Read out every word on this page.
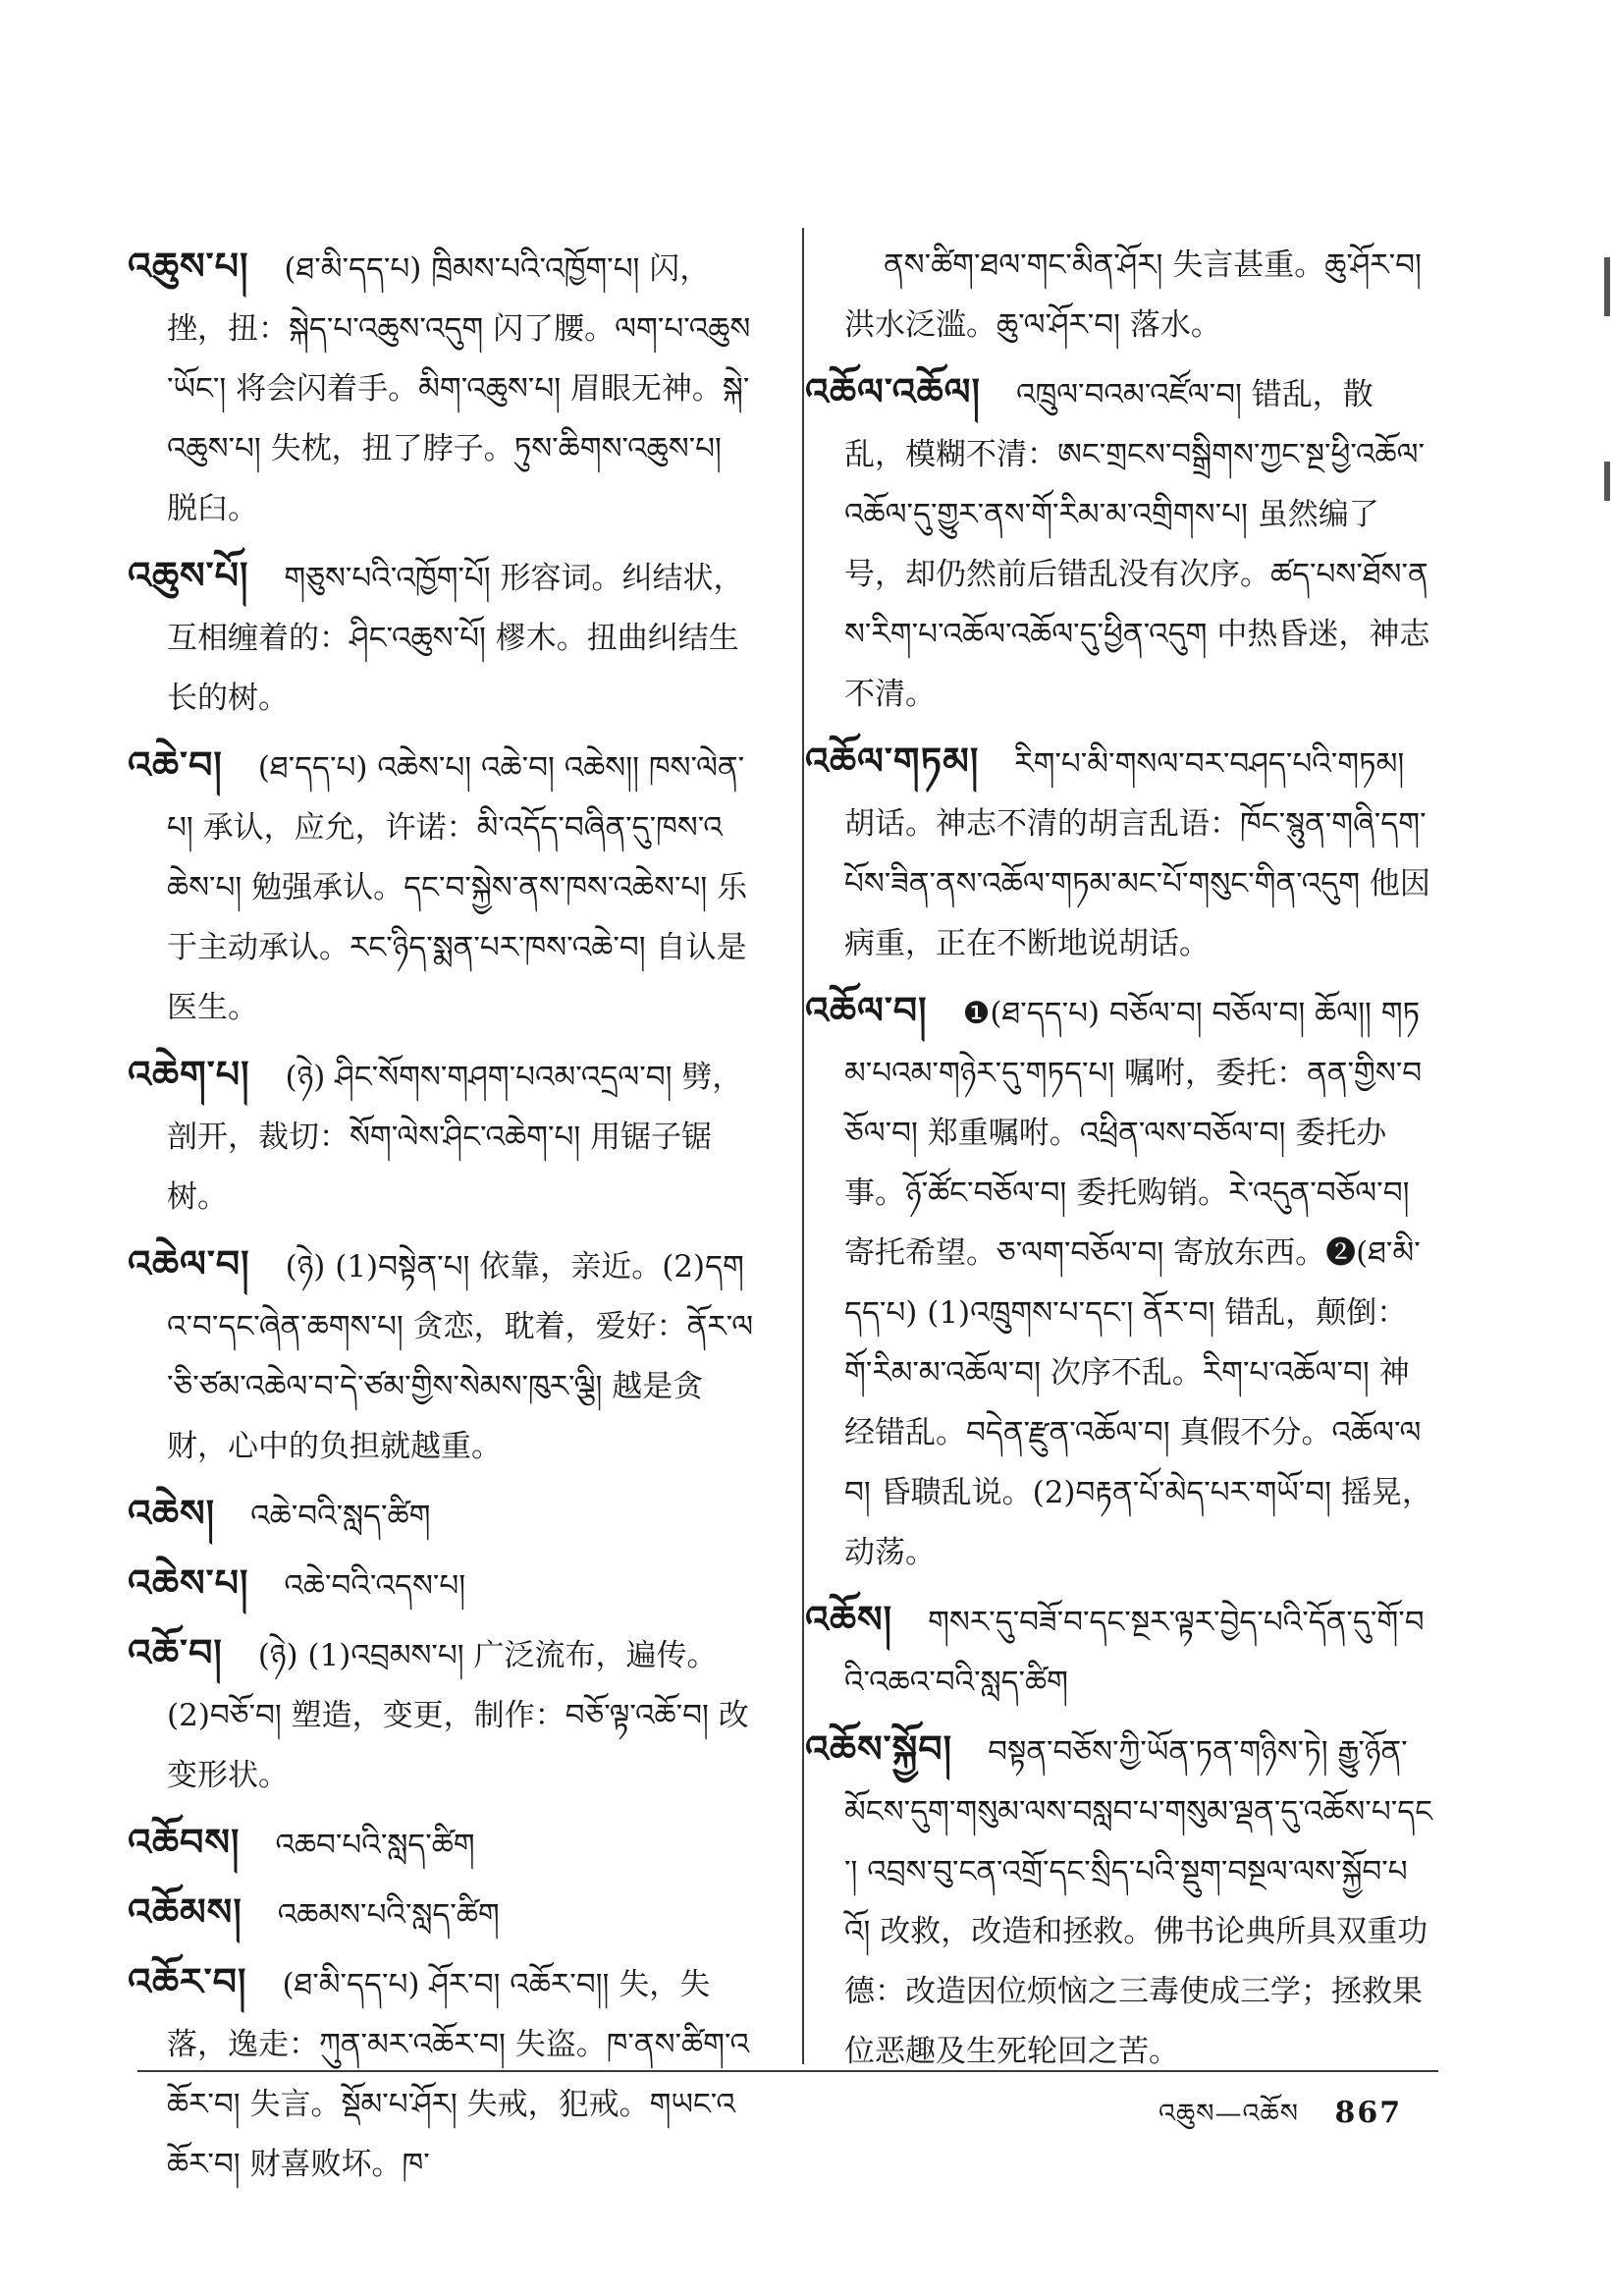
འཆུས་པ། (ཐ་མི་དད་པ) ཁྲིམས་པའི་འཁྱོག་པ། 闪，挫，扭：སྐེད་པ་འཆུས་འདུག 闪了腰。ལག་པ་འཆུས་ཡོང་། 将会闪着手。མིག་འཆུས་པ། 眉眼无神。སྐེ་འཆུས་པ། 失枕，扭了脖子。ཏུས་ཆིགས་འཆུས་པ། 脱臼。
འཆུས་པོ། གཅུས་པའི་འཁྱོག་པོ། 形容词。纠结状，互相缠着的：ཤིང་འཆུས་པོ། 樛木。扭曲纠结生长的树。
འཆེ་བ། (ཐ་དད་པ) འཆེས་པ། འཆེ་བ། འཆེས།། ཁས་ལེན་པ། 承认，应允，许诺：མི་འདོད་བཞིན་དུ་ཁས་འཆེས་པ། 勉强承认。དང་བ་སྐྱེས་ནས་ཁས་འཆེས་པ། 乐于主动承认。རང་ཉིད་སྨན་པར་ཁས་འཆེ་བ། 自认是医生。
འཆེག་པ། (ཉེ) ཤིང་སོགས་གཤག་པའམ་འདྲལ་བ། 劈，剖开，裁切：སོག་ལེས་ཤིང་འཆེག་པ། 用锯子锯树。
འཆེལ་བ། (ཉེ) (1)བསྟེན་པ། 依靠，亲近。(2)དགའ་བ་དང་ཞེན་ཆགས་པ། 贪恋，耽着，爱好：ནོར་ལ་ཅི་ཙམ་འཆེལ་བ་དེ་ཙམ་གྱིས་སེམས་ཁུར་ལྕི། 越是贪财，心中的负担就越重。
འཆེས། འཆེ་བའི་སླད་ཚིག
འཆེས་པ། འཆེ་བའི་འདས་པ།
འཆོ་བ། (ཉེ) (1)འབྲམས་པ། 广泛流布，遍传。(2)བཅོ་བ། 塑造，变更，制作：བཅོ་ལྟ་འཆོ་བ། 改变形状。
འཆོབས། འཆབ་པའི་སླད་ཚིག
འཆོམས། འཆམས་པའི་སླད་ཚིག
འཆོར་བ། (ཐ་མི་དད་པ) ཤོར་བ། འཆོར་བ།། 失，失落，逸走：ཀུན་མར་འཆོར་བ། 失盗。ཁ་ནས་ཚིག་འཆོར་བ། 失言。སྡོམ་པ་ཤོར། 失戒，犯戒。གཡང་འཆོར་བ། 财喜败坏。ཁ་
ནས་ཚིག་ཐལ་གང་མིན་ཤོར། 失言甚重。ཆུ་ཤོར་བ། 洪水泛滥。ཆུ་ལ་ཤོར་བ། 落水。
འཆོལ་འཆོལ། འཁྲུལ་བའམ་འཛོལ་བ། 错乱，散乱，模糊不清：ཨང་གྲངས་བསྒྲིགས་ཀྱང་སྔ་ཕྱི་འཆོལ་འཆོལ་དུ་གྱུར་ནས་གོ་རིམ་མ་འགྲིགས་པ། 虽然编了号，却仍然前后错乱没有次序。ཚད་པས་ཐོས་ནས་རིག་པ་འཆོལ་འཆོལ་དུ་ཕྱིན་འདུག 中热昏迷，神志不清。
འཆོལ་གཏམ། རིག་པ་མི་གསལ་བར་བཤད་པའི་གཏམ། 胡话。神志不清的胡言乱语：ཁོང་སྙུན་གཞི་དག་པོས་ཟིན་ནས་འཆོལ་གཏམ་མང་པོ་གསུང་གིན་འདུག 他因病重，正在不断地说胡话。
འཆོལ་བ། ❶(ཐ་དད་པ) བཅོལ་བ། བཅོལ་བ། ཆོལ།། གཏམ་པའམ་གཉེར་དུ་གཏད་པ། 嘱咐，委托：ནན་གྱིས་བཅོལ་བ། 郑重嘱咐。འཕྲིན་ལས་བཅོལ་བ། 委托办事。ཉོ་ཚོང་བཅོལ་བ། 委托购销。རེ་འདུན་བཅོལ་བ། 寄托希望。ཅ་ལག་བཅོལ་བ། 寄放东西。❷(ཐ་མི་དད་པ) (1)འཁྲུགས་པ་དང་། ནོར་བ། 错乱，颠倒：གོ་རིམ་མ་འཆོལ་བ། 次序不乱。རིག་པ་འཆོལ་བ། 神经错乱。བདེན་རྫུན་འཆོལ་བ། 真假不分。འཆོལ་ལབ། 昏聩乱说。(2)བརྟན་པོ་མེད་པར་གཡོ་བ། 摇晃，动荡。
འཆོས། གསར་དུ་བཟོ་བ་དང་སྔར་ལྟར་བྱེད་པའི་དོན་དུ་གོ་བའི་འཆའ་བའི་སླད་ཚིག
འཆོས་སྐྱོབ། བསྟན་བཅོས་ཀྱི་ཡོན་ཏན་གཉིས་ཏེ། རྒྱུ་ཉོན་མོངས་དུག་གསུམ་ལས་བསླབ་པ་གསུམ་ལྡན་དུ་འཆོས་པ་དང་། འབྲས་བུ་ངན་འགྲོ་དང་སྲིད་པའི་སྡུག་བསྔལ་ལས་སྐྱོབ་པའོ། 改救，改造和拯救。佛书论典所具双重功德：改造因位烦恼之三毒使成三学；拯救果位恶趣及生死轮回之苦。
འཆུས—འཆོས 867
